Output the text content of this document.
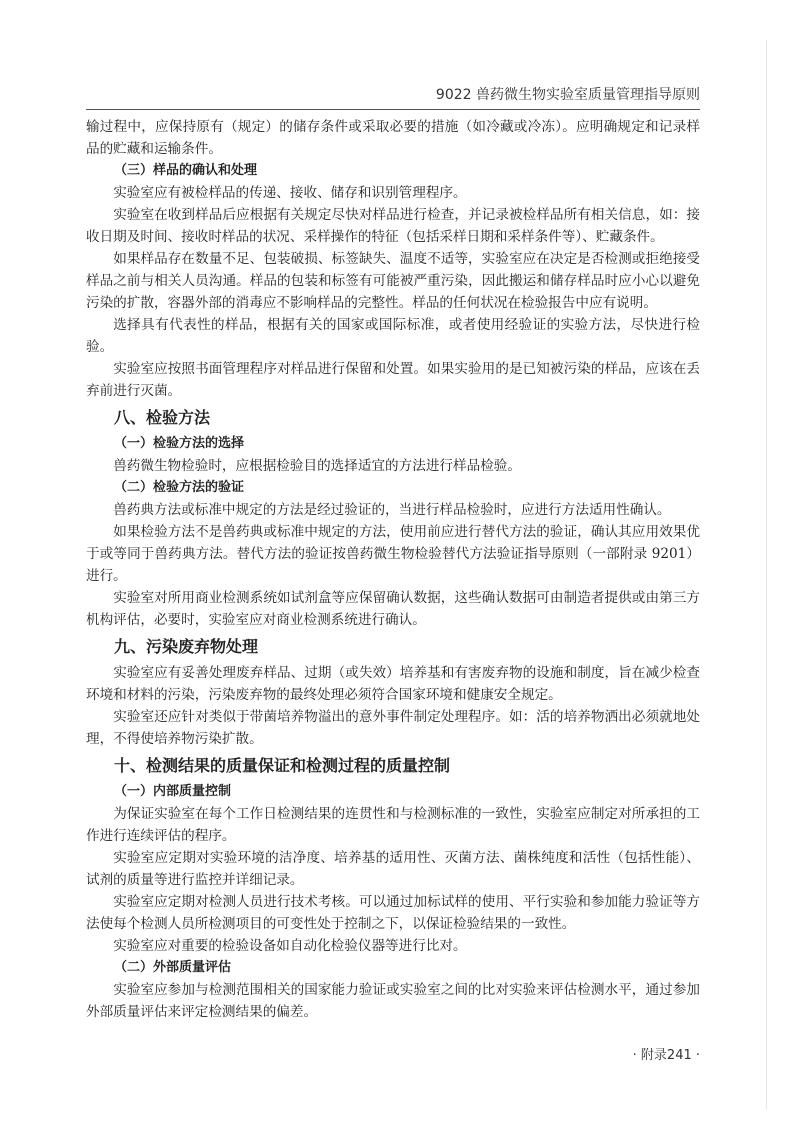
9022 兽药微生物实验室质量管理指导原则

输过程中，应保持原有（规定）的储存条件或采取必要的措施（如冷藏或冷冻）。应明确规定和记录样品的贮藏和运输条件。

（三）样品的确认和处理

实验室应有被检样品的传递、接收、储存和识别管理程序。

实验室在收到样品后应根据有关规定尽快对样品进行检查，并记录被检样品所有相关信息，如：接收日期及时间、接收时样品的状况、采样操作的特征（包括采样日期和采样条件等）、贮藏条件。

如果样品存在数量不足、包装破损、标签缺失、温度不适等，实验室应在决定是否检测或拒绝接受样品之前与相关人员沟通。样品的包装和标签有可能被严重污染，因此搬运和储存样品时应小心以避免污染的扩散，容器外部的消毒应不影响样品的完整性。样品的任何状况在检验报告中应有说明。

选择具有代表性的样品，根据有关的国家或国际标准，或者使用经验证的实验方法，尽快进行检验。

实验室应按照书面管理程序对样品进行保留和处置。如果实验用的是已知被污染的样品，应该在丢弃前进行灭菌。

八、检验方法

（一）检验方法的选择

兽药微生物检验时，应根据检验目的选择适宜的方法进行样品检验。

（二）检验方法的验证

兽药典方法或标准中规定的方法是经过验证的，当进行样品检验时，应进行方法适用性确认。

如果检验方法不是兽药典或标准中规定的方法，使用前应进行替代方法的验证，确认其应用效果优于或等同于兽药典方法。替代方法的验证按兽药微生物检验替代方法验证指导原则（一部附录 9201）进行。

实验室对所用商业检测系统如试剂盒等应保留确认数据，这些确认数据可由制造者提供或由第三方机构评估，必要时，实验室应对商业检测系统进行确认。

九、污染废弃物处理

实验室应有妥善处理废弃样品、过期（或失效）培养基和有害废弃物的设施和制度，旨在减少检查环境和材料的污染，污染废弃物的最终处理必须符合国家环境和健康安全规定。

实验室还应针对类似于带菌培养物溢出的意外事件制定处理程序。如：活的培养物洒出必须就地处理，不得使培养物污染扩散。

十、检测结果的质量保证和检测过程的质量控制

（一）内部质量控制

为保证实验室在每个工作日检测结果的连贯性和与检测标准的一致性，实验室应制定对所承担的工作进行连续评估的程序。

实验室应定期对实验环境的洁净度、培养基的适用性、灭菌方法、菌株纯度和活性（包括性能）、试剂的质量等进行监控并详细记录。

实验室应定期对检测人员进行技术考核。可以通过加标试样的使用、平行实验和参加能力验证等方法使每个检测人员所检测项目的可变性处于控制之下，以保证检验结果的一致性。

实验室应对重要的检验设备如自动化检验仪器等进行比对。

（二）外部质量评估

实验室应参加与检测范围相关的国家能力验证或实验室之间的比对实验来评估检测水平，通过参加外部质量评估来评定检测结果的偏差。

· 附录241 ·
